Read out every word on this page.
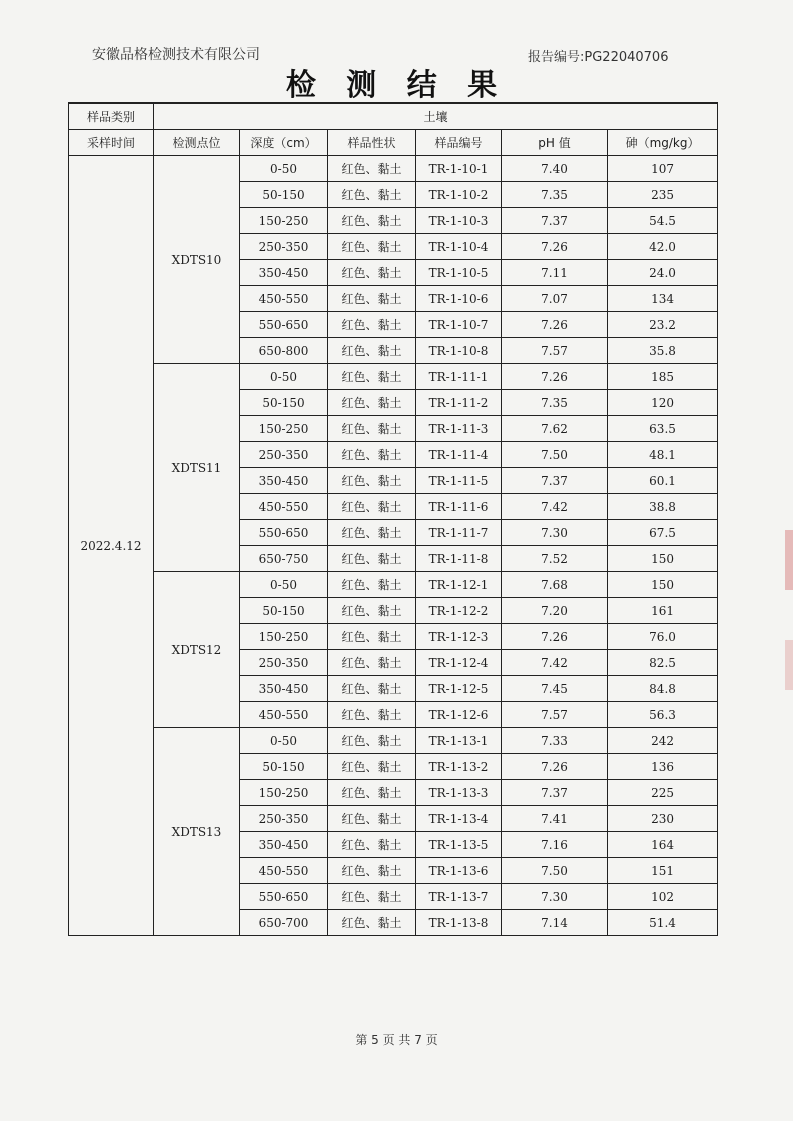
安徽品格检测技术有限公司	报告编号:PG22040706
检 测 结 果
样品类别	土壤					
采样时间	检测点位	深度（cm）	样品性状	样品编号	pH 值	砷（mg/kg）
2022.4.12	XDTS10	0-50	红色、黏土	TR-1-10-1	7.40	107
		50-150	红色、黏土	TR-1-10-2	7.35	235
		150-250	红色、黏土	TR-1-10-3	7.37	54.5
		250-350	红色、黏土	TR-1-10-4	7.26	42.0
		350-450	红色、黏土	TR-1-10-5	7.11	24.0
		450-550	红色、黏土	TR-1-10-6	7.07	134
		550-650	红色、黏土	TR-1-10-7	7.26	23.2
		650-800	红色、黏土	TR-1-10-8	7.57	35.8
	XDTS11	0-50	红色、黏土	TR-1-11-1	7.26	185
		50-150	红色、黏土	TR-1-11-2	7.35	120
		150-250	红色、黏土	TR-1-11-3	7.62	63.5
		250-350	红色、黏土	TR-1-11-4	7.50	48.1
		350-450	红色、黏土	TR-1-11-5	7.37	60.1
		450-550	红色、黏土	TR-1-11-6	7.42	38.8
		550-650	红色、黏土	TR-1-11-7	7.30	67.5
		650-750	红色、黏土	TR-1-11-8	7.52	150
	XDTS12	0-50	红色、黏土	TR-1-12-1	7.68	150
		50-150	红色、黏土	TR-1-12-2	7.20	161
		150-250	红色、黏土	TR-1-12-3	7.26	76.0
		250-350	红色、黏土	TR-1-12-4	7.42	82.5
		350-450	红色、黏土	TR-1-12-5	7.45	84.8
		450-550	红色、黏土	TR-1-12-6	7.57	56.3
	XDTS13	0-50	红色、黏土	TR-1-13-1	7.33	242
		50-150	红色、黏土	TR-1-13-2	7.26	136
		150-250	红色、黏土	TR-1-13-3	7.37	225
		250-350	红色、黏土	TR-1-13-4	7.41	230
		350-450	红色、黏土	TR-1-13-5	7.16	164
		450-550	红色、黏土	TR-1-13-6	7.50	151
		550-650	红色、黏土	TR-1-13-7	7.30	102
		650-700	红色、黏土	TR-1-13-8	7.14	51.4
第 5 页 共 7 页
